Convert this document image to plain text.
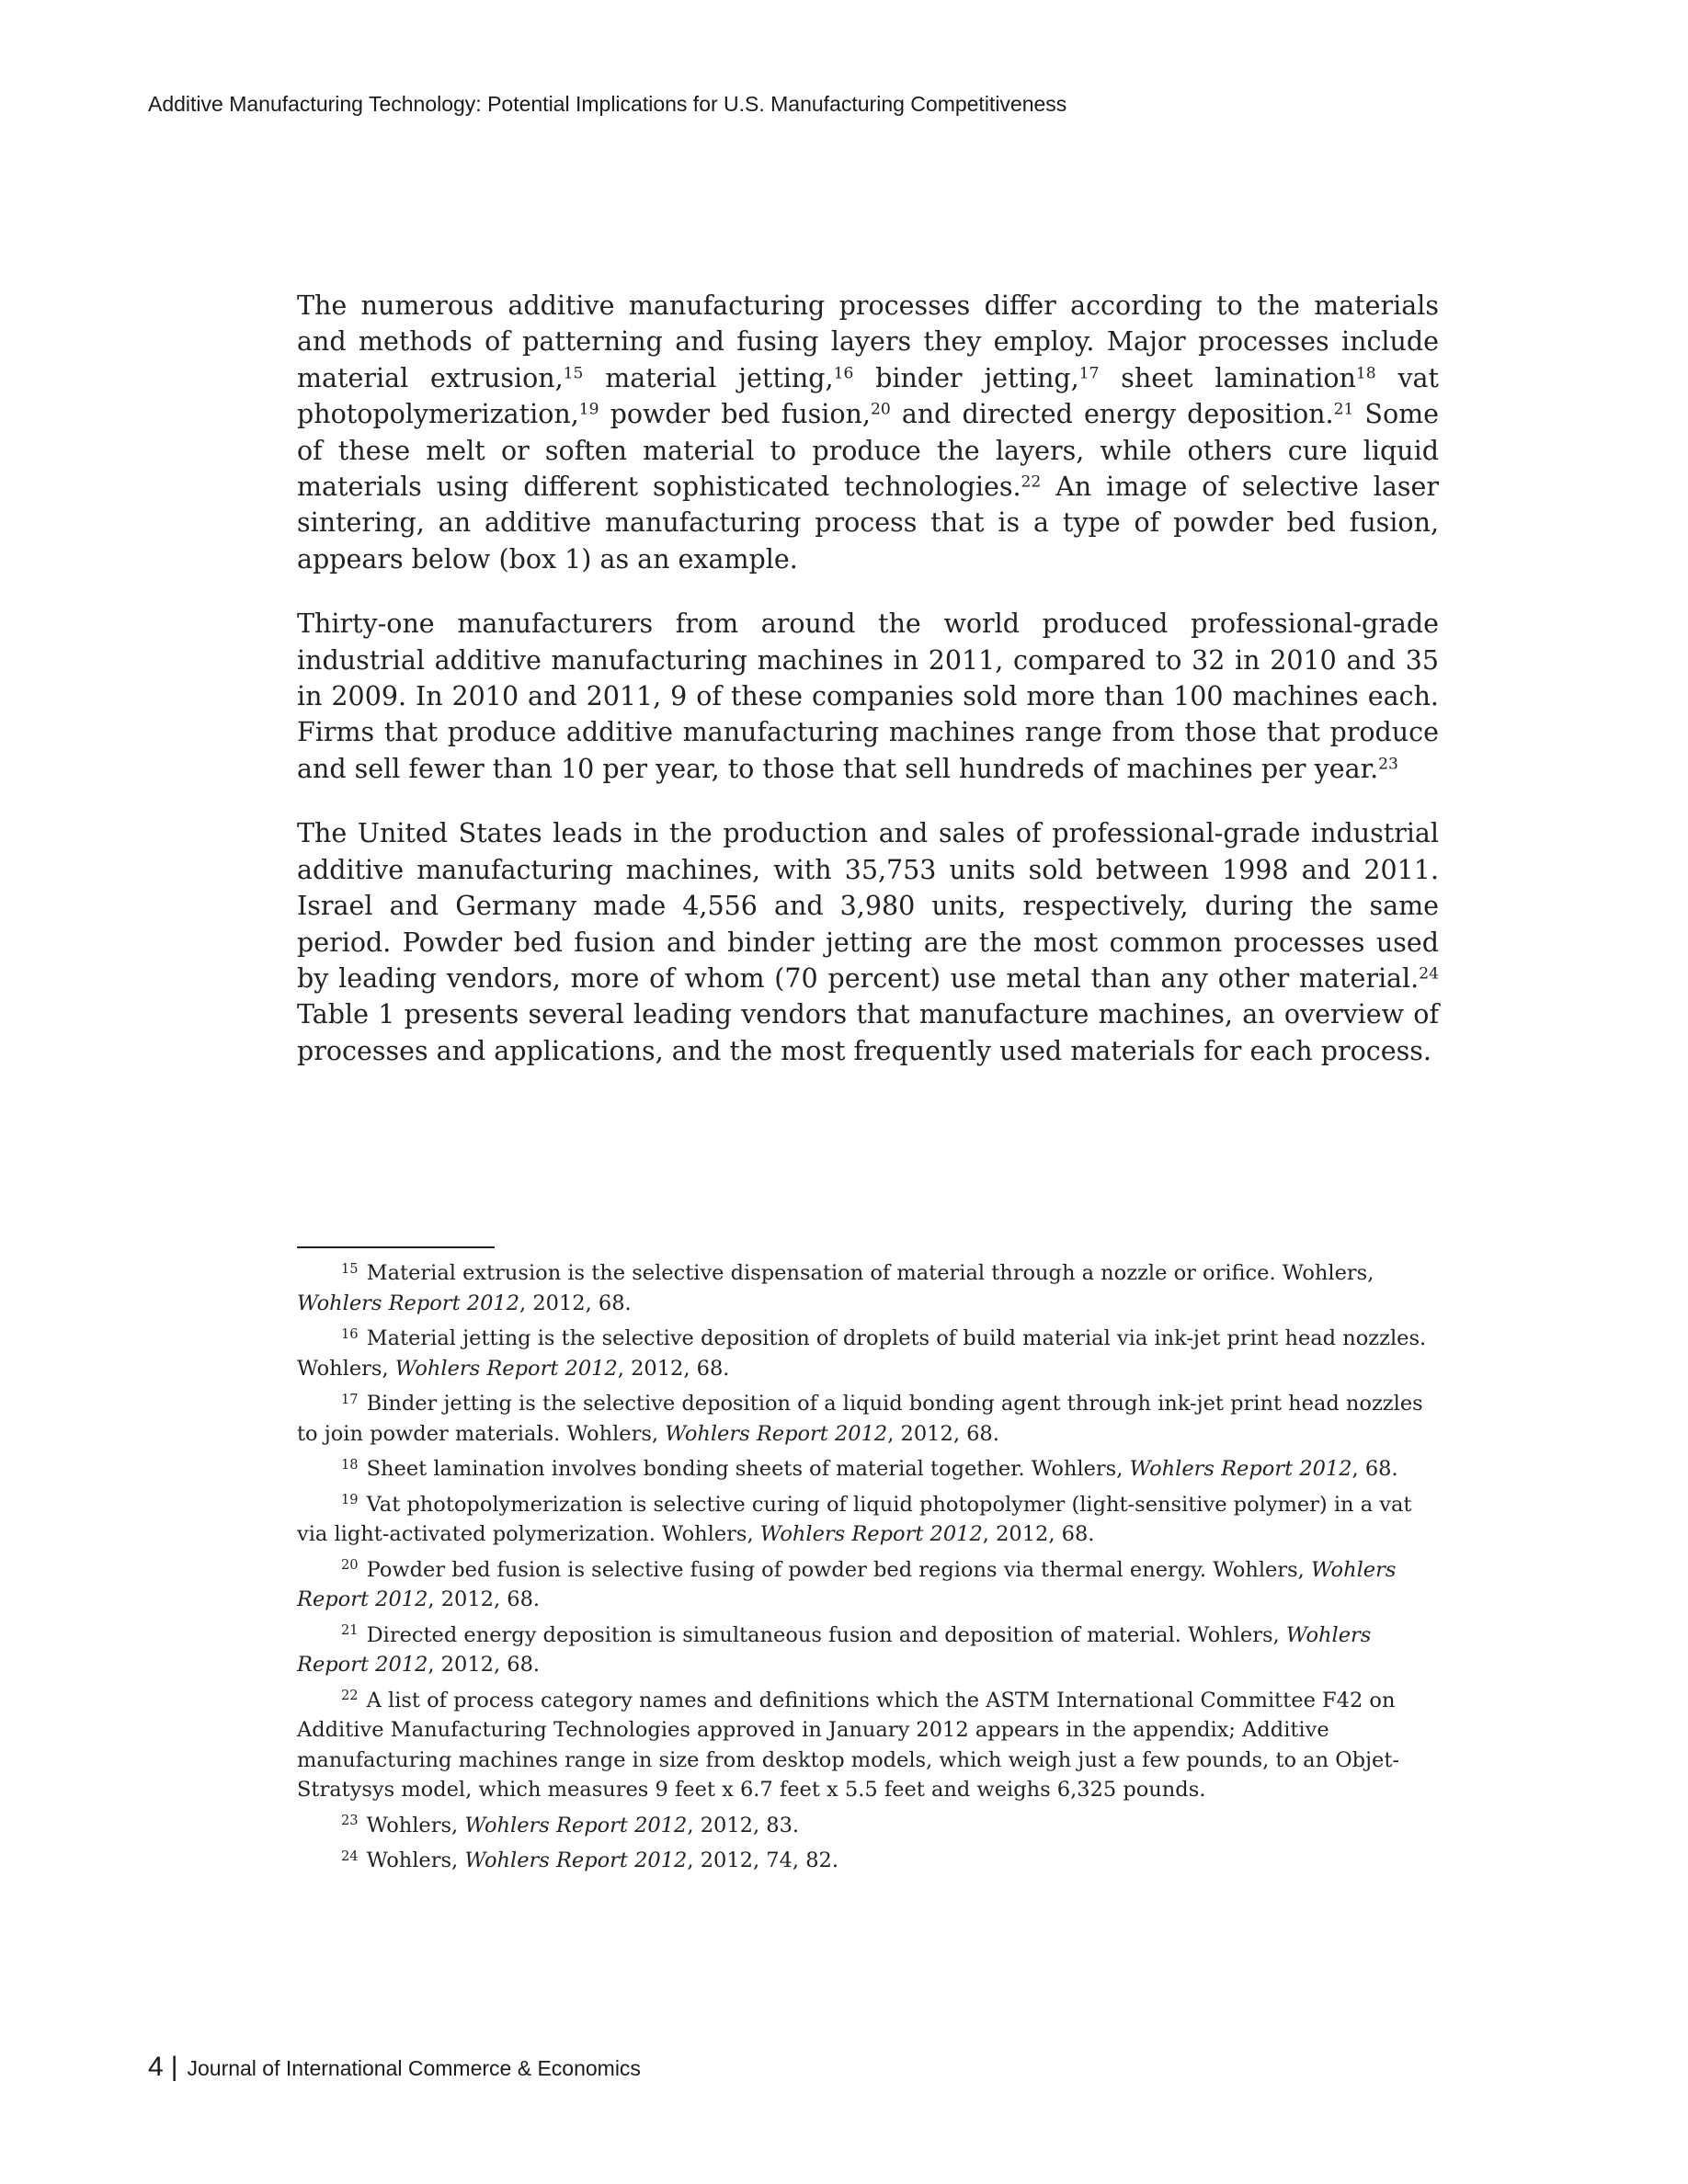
Additive Manufacturing Technology: Potential Implications for U.S. Manufacturing Competitiveness

The numerous additive manufacturing processes differ according to the materials and methods of patterning and fusing layers they employ. Major processes include material extrusion,$^{15}$ material jetting,$^{16}$ binder jetting,$^{17}$ sheet lamination$^{18}$ vat photopolymerization,$^{19}$ powder bed fusion,$^{20}$ and directed energy deposition.$^{21}$ Some of these melt or soften material to produce the layers, while others cure liquid materials using different sophisticated technologies.$^{22}$ An image of selective laser sintering, an additive manufacturing process that is a type of powder bed fusion, appears below (box 1) as an example.

Thirty-one manufacturers from around the world produced professional-grade industrial additive manufacturing machines in 2011, compared to 32 in 2010 and 35 in 2009. In 2010 and 2011, 9 of these companies sold more than 100 machines each. Firms that produce additive manufacturing machines range from those that produce and sell fewer than 10 per year, to those that sell hundreds of machines per year.$^{23}$

The United States leads in the production and sales of professional-grade industrial additive manufacturing machines, with 35,753 units sold between 1998 and 2011. Israel and Germany made 4,556 and 3,980 units, respectively, during the same period. Powder bed fusion and binder jetting are the most common processes used by leading vendors, more of whom (70 percent) use metal than any other material.$^{24}$ Table 1 presents several leading vendors that manufacture machines, an overview of processes and applications, and the most frequently used materials for each process.

$^{15}$ Material extrusion is the selective dispensation of material through a nozzle or orifice. Wohlers, Wohlers Report 2012, 2012, 68.

$^{16}$ Material jetting is the selective deposition of droplets of build material via ink-jet print head nozzles. Wohlers, Wohlers Report 2012, 2012, 68.

$^{17}$ Binder jetting is the selective deposition of a liquid bonding agent through ink-jet print head nozzles to join powder materials. Wohlers, Wohlers Report 2012, 2012, 68.

$^{18}$ Sheet lamination involves bonding sheets of material together. Wohlers, Wohlers Report 2012, 68.

$^{19}$ Vat photopolymerization is selective curing of liquid photopolymer (light-sensitive polymer) in a vat via light-activated polymerization. Wohlers, Wohlers Report 2012, 2012, 68.

$^{20}$ Powder bed fusion is selective fusing of powder bed regions via thermal energy. Wohlers, Wohlers Report 2012, 2012, 68.

$^{21}$ Directed energy deposition is simultaneous fusion and deposition of material. Wohlers, Wohlers Report 2012, 2012, 68.

$^{22}$ A list of process category names and definitions which the ASTM International Committee F42 on Additive Manufacturing Technologies approved in January 2012 appears in the appendix; Additive manufacturing machines range in size from desktop models, which weigh just a few pounds, to an Objet-Stratysys model, which measures 9 feet x 6.7 feet x 5.5 feet and weighs 6,325 pounds.

$^{23}$ Wohlers, Wohlers Report 2012, 2012, 83.

$^{24}$ Wohlers, Wohlers Report 2012, 2012, 74, 82.

4 | Journal of International Commerce & Economics
